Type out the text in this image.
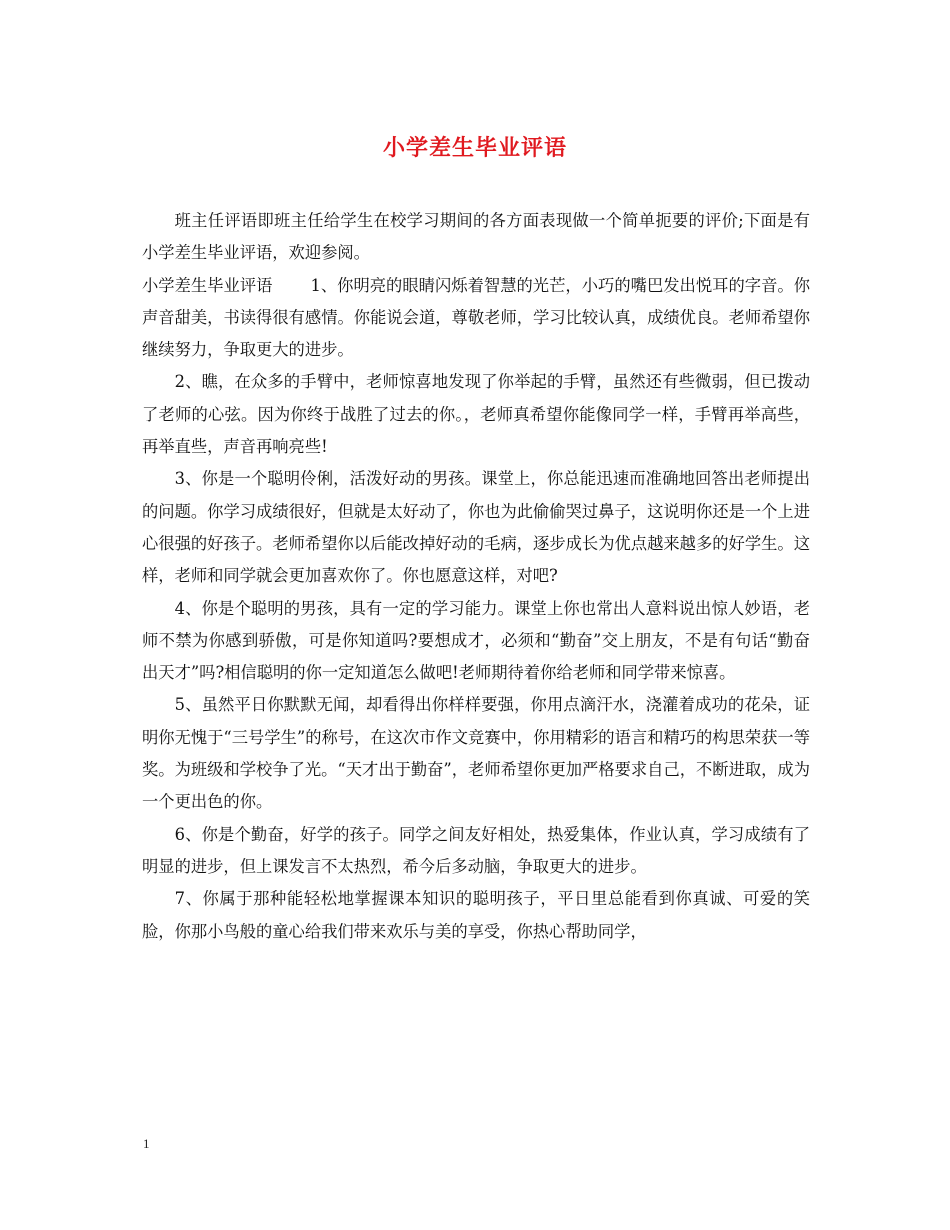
小学差生毕业评语

班主任评语即班主任给学生在校学习期间的各方面表现做一个简单扼要的评价;下面是有小学差生毕业评语，欢迎参阅。

小学差生毕业评语 1、你明亮的眼睛闪烁着智慧的光芒，小巧的嘴巴发出悦耳的字音。你声音甜美，书读得很有感情。你能说会道，尊敬老师，学习比较认真，成绩优良。老师希望你继续努力，争取更大的进步。

2、瞧，在众多的手臂中，老师惊喜地发现了你举起的手臂，虽然还有些微弱，但已拨动了老师的心弦。因为你终于战胜了过去的你。，老师真希望你能像同学一样，手臂再举高些，再举直些，声音再响亮些!

3、你是一个聪明伶俐，活泼好动的男孩。课堂上，你总能迅速而准确地回答出老师提出的问题。你学习成绩很好，但就是太好动了，你也为此偷偷哭过鼻子，这说明你还是一个上进心很强的好孩子。老师希望你以后能改掉好动的毛病，逐步成长为优点越来越多的好学生。这样，老师和同学就会更加喜欢你了。你也愿意这样，对吧?

4、你是个聪明的男孩，具有一定的学习能力。课堂上你也常出人意料说出惊人妙语，老师不禁为你感到骄傲，可是你知道吗?要想成才，必须和“勤奋”交上朋友，不是有句话“勤奋出天才”吗?相信聪明的你一定知道怎么做吧!老师期待着你给老师和同学带来惊喜。

5、虽然平日你默默无闻，却看得出你样样要强，你用点滴汗水，浇灌着成功的花朵，证明你无愧于“三号学生”的称号，在这次市作文竞赛中，你用精彩的语言和精巧的构思荣获一等奖。为班级和学校争了光。“天才出于勤奋”，老师希望你更加严格要求自己，不断进取，成为一个更出色的你。

6、你是个勤奋，好学的孩子。同学之间友好相处，热爱集体，作业认真，学习成绩有了明显的进步，但上课发言不太热烈，希今后多动脑，争取更大的进步。

7、你属于那种能轻松地掌握课本知识的聪明孩子，平日里总能看到你真诚、可爱的笑脸，你那小鸟般的童心给我们带来欢乐与美的享受，你热心帮助同学，

1
